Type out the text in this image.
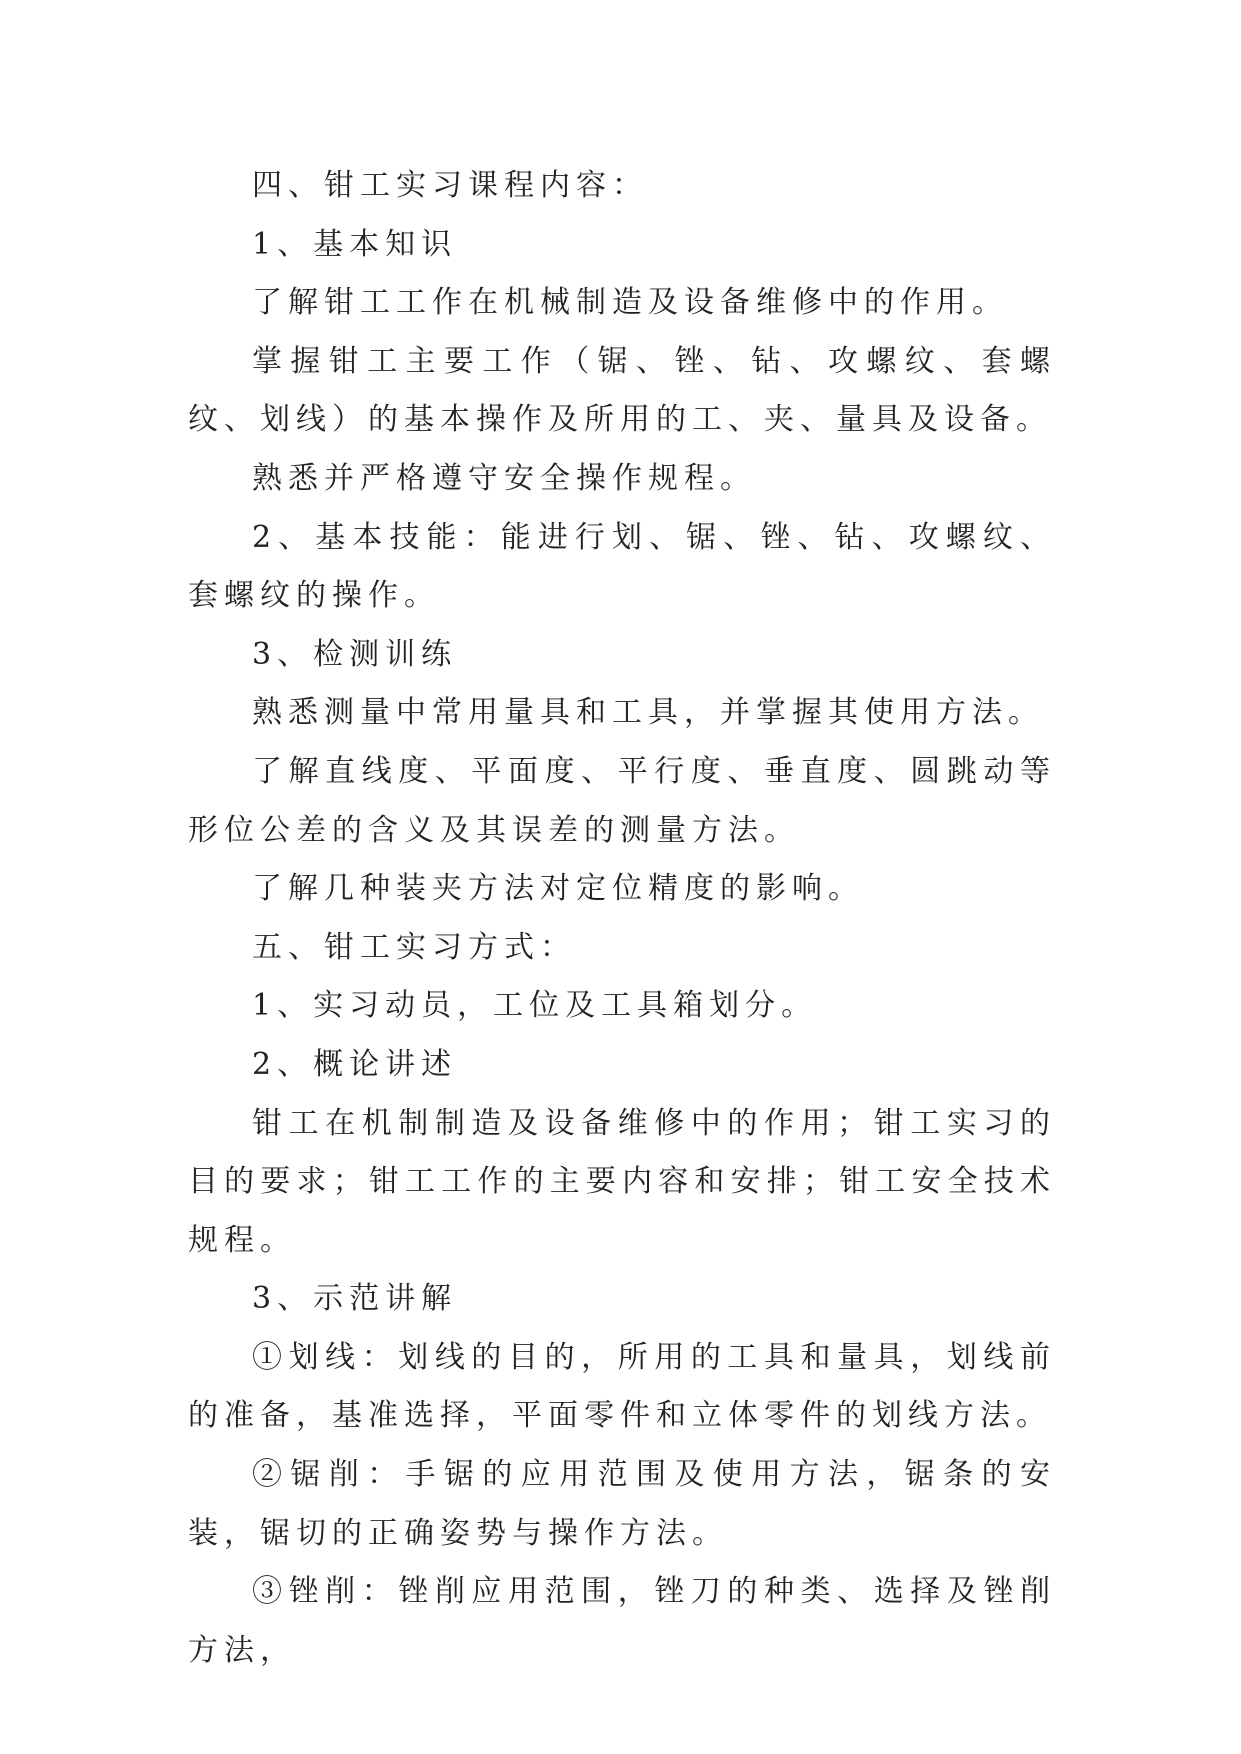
四、钳工实习课程内容：

1、基本知识

了解钳工工作在机械制造及设备维修中的作用。

掌握钳工主要工作（锯、锉、钻、攻螺纹、套螺纹、划线）的基本操作及所用的工、夹、量具及设备。

熟悉并严格遵守安全操作规程。

2、基本技能：能进行划、锯、锉、钻、攻螺纹、套螺纹的操作。

3、检测训练

熟悉测量中常用量具和工具，并掌握其使用方法。

了解直线度、平面度、平行度、垂直度、圆跳动等形位公差的含义及其误差的测量方法。

了解几种装夹方法对定位精度的影响。

五、钳工实习方式：

1、实习动员，工位及工具箱划分。

2、概论讲述

钳工在机制制造及设备维修中的作用；钳工实习的目的要求；钳工工作的主要内容和安排；钳工安全技术规程。

3、示范讲解

①划线：划线的目的，所用的工具和量具，划线前的准备，基准选择，平面零件和立体零件的划线方法。

②锯削：手锯的应用范围及使用方法，锯条的安装，锯切的正确姿势与操作方法。

③锉削：锉削应用范围，锉刀的种类、选择及锉削方法，
